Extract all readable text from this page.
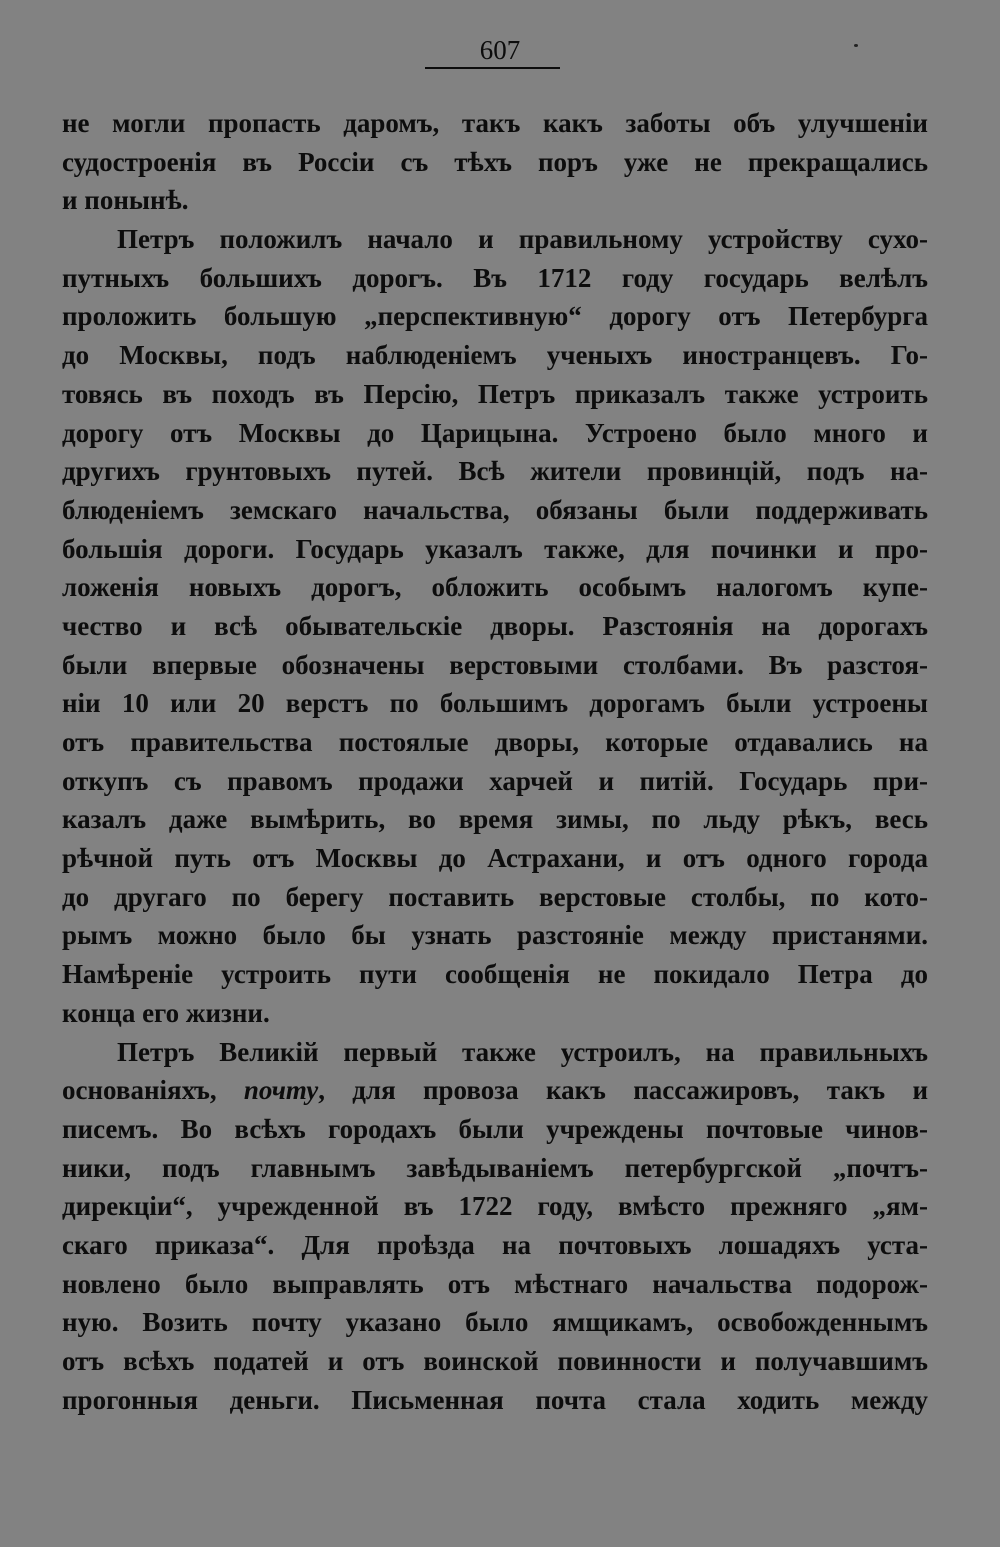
607
не могли пропасть даромъ, такъ какъ заботы объ улучшеніи
судостроенія въ Россіи съ тѣхъ поръ уже не прекращались
и понынѣ.
Петръ положилъ начало и правильному устройству сухо-
путныхъ большихъ дорогъ. Въ 1712 году государь велѣлъ
проложить большую „перспективную“ дорогу отъ Петербурга
до Москвы, подъ наблюденіемъ ученыхъ иностранцевъ. Го-
товясь въ походъ въ Персію, Петръ приказалъ также устроить
дорогу отъ Москвы до Царицына. Устроено было много и
другихъ грунтовыхъ путей. Всѣ жители провинцій, подъ на-
блюденіемъ земскаго начальства, обязаны были поддерживать
большія дороги. Государь указалъ также, для починки и про-
ложенія новыхъ дорогъ, обложить особымъ налогомъ купе-
чество и всѣ обывательскіе дворы. Разстоянія на дорогахъ
были впервые обозначены верстовыми столбами. Въ разстоя-
ніи 10 или 20 верстъ по большимъ дорогамъ были устроены
отъ правительства постоялые дворы, которые отдавались на
откупъ съ правомъ продажи харчей и питій. Государь при-
казалъ даже вымѣрить, во время зимы, по льду рѣкъ, весь
рѣчной путь отъ Москвы до Астрахани, и отъ одного города
до другаго по берегу поставить верстовые столбы, по кото-
рымъ можно было бы узнать разстояніе между пристанями.
Намѣреніе устроить пути сообщенія не покидало Петра до
конца его жизни.
Петръ Великій первый также устроилъ, на правильныхъ
основаніяхъ, почту, для провоза какъ пассажировъ, такъ и
писемъ. Во всѣхъ городахъ были учреждены почтовые чинов-
ники, подъ главнымъ завѣдываніемъ петербургской „почтъ-
дирекціи“, учрежденной въ 1722 году, вмѣсто прежняго „ям-
скаго приказа“. Для проѣзда на почтовыхъ лошадяхъ уста-
новлено было выправлять отъ мѣстнаго начальства подорож-
ную. Возить почту указано было ямщикамъ, освобожденнымъ
отъ всѣхъ податей и отъ воинской повинности и получавшимъ
прогонныя деньги. Письменная почта стала ходить между
